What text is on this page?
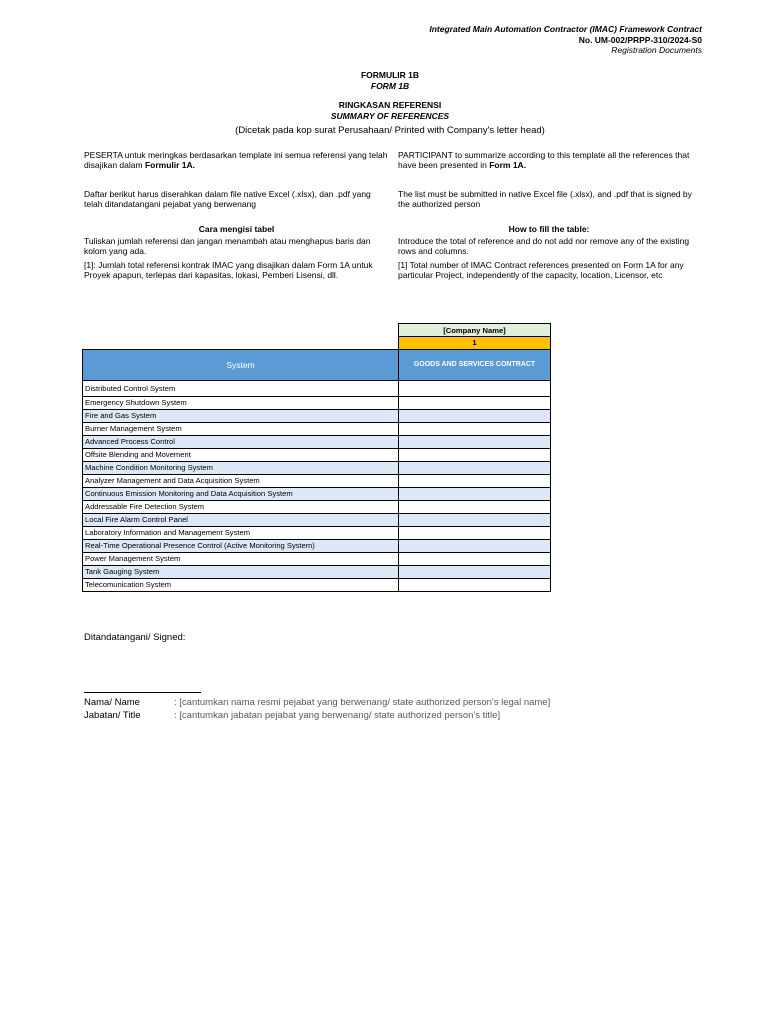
Integrated Main Automation Contractor (IMAC) Framework Contract
No. UM-002/PRPP-310/2024-S0
Registration Documents
FORMULIR 1B
FORM 1B
RINGKASAN REFERENSI
SUMMARY OF REFERENCES
(Dicetak pada kop surat Perusahaan/ Printed with Company's letter head)
PESERTA untuk meringkas berdasarkan template ini semua referensi yang telah disajikan dalam Formulir 1A.
PARTICIPANT to summarize according to this template all the references that have been presented in Form 1A.
Daftar berikut harus diserahkan dalam file native Excel (.xlsx), dan .pdf yang telah ditandatangani pejabat yang berwenang
The list must be submitted in native Excel file (.xlsx), and .pdf that is signed by the authorized person
Cara mengisi tabel	How to fill the table:
Tuliskan jumlah referensi dan jangan menambah atau menghapus baris dan kolom yang ada.
Introduce the total of reference and do not add nor remove any of the existing rows and columns.
[1]: Jumlah total referensi kontrak IMAC yang disajikan dalam Form 1A untuk Proyek apapun, terlepas dari kapasitas, lokasi, Pemberi Lisensi, dll.
[1] Total number of IMAC Contract references presented on Form 1A for any particular Project, independently of the capacity, location, Licensor, etc
	[Company Name]
	1
System	GOODS AND SERVICES CONTRACT
Distributed Control System	
Emergency Shutdown System	
Fire and Gas System	
Burner Management System	
Advanced Process Control	
Offsite Blending and Movement	
Machine Condition Monitoring System	
Analyzer Management and Data Acquisition System	
Continuous Emission Monitoring and Data Acquisition System	
Addressable Fire Detection System	
Local Fire Alarm Control Panel	
Laboratory Information and Management System	
Real-Time Operational Presence Control (Active Monitoring System)	
Power Management System	
Tank Gauging System	
Telecomunication System	
Ditandatangani/ Signed:
Nama/ Name	: [cantumkan nama resmi pejabat yang berwenang/ state authorized person's legal name]
Jabatan/ Title	: [cantumkan jabatan pejabat yang berwenang/ state authorized person's title]
